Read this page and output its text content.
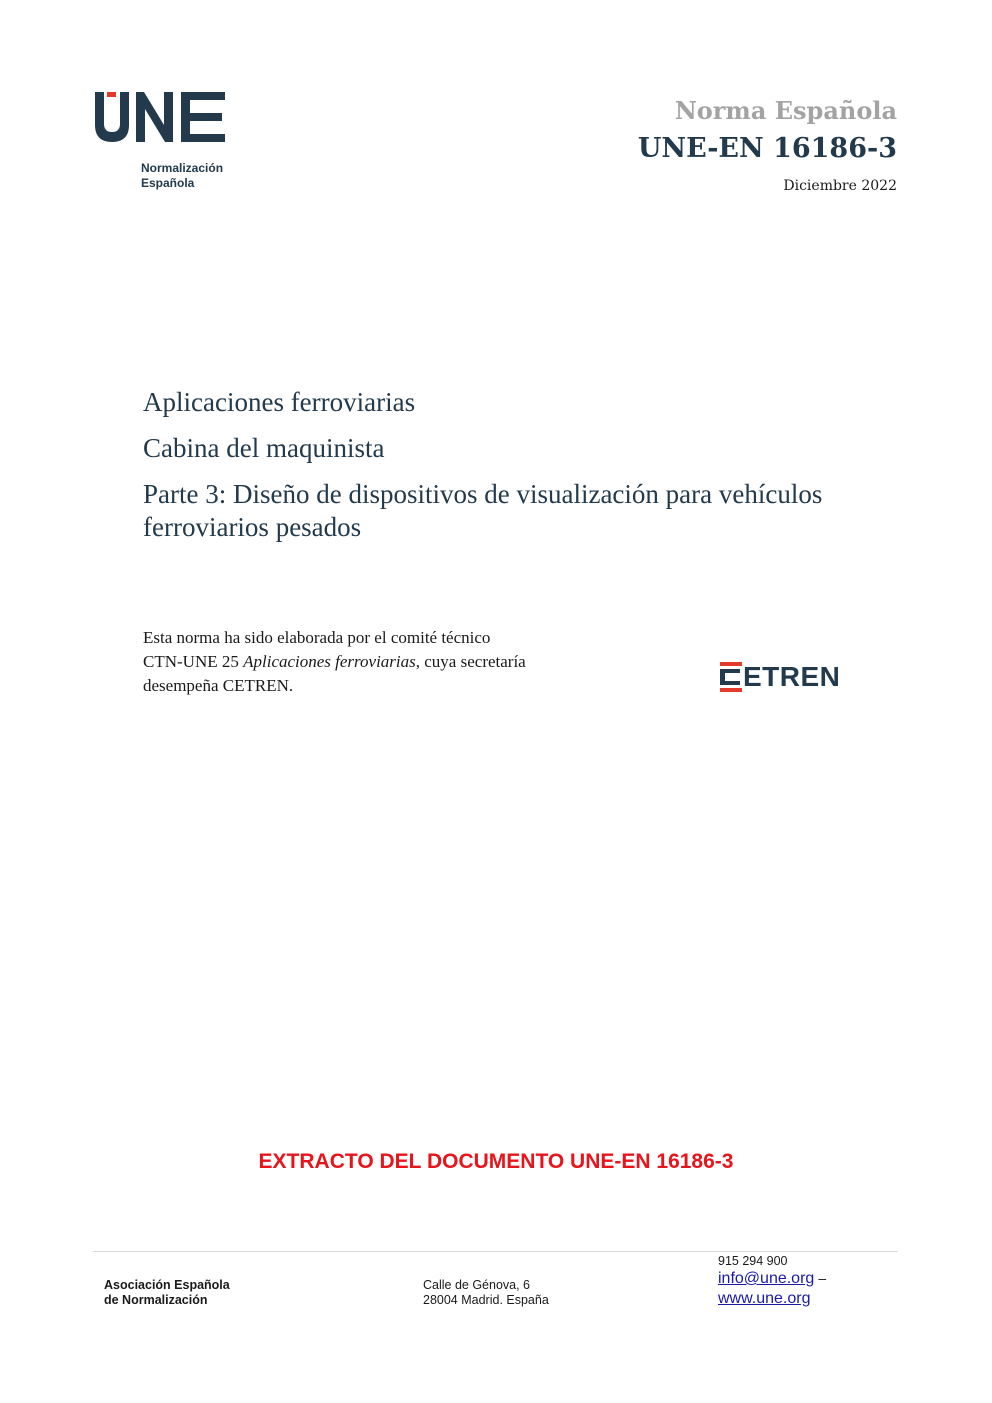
Normalización
Española
Norma Española
UNE-EN 16186-3
Diciembre 2022
Aplicaciones ferroviarias
Cabina del maquinista
Parte 3: Diseño de dispositivos de visualización para vehículos ferroviarios pesados
Esta norma ha sido elaborada por el comité técnico
CTN-UNE 25 Aplicaciones ferroviarias, cuya secretaría
desempeña CETREN.	ETREN
EXTRACTO DEL DOCUMENTO UNE-EN 16186-3
Asociación Española
de Normalización
Calle de Génova, 6
28004 Madrid. España
915 294 900
info@une.org –
www.une.org
